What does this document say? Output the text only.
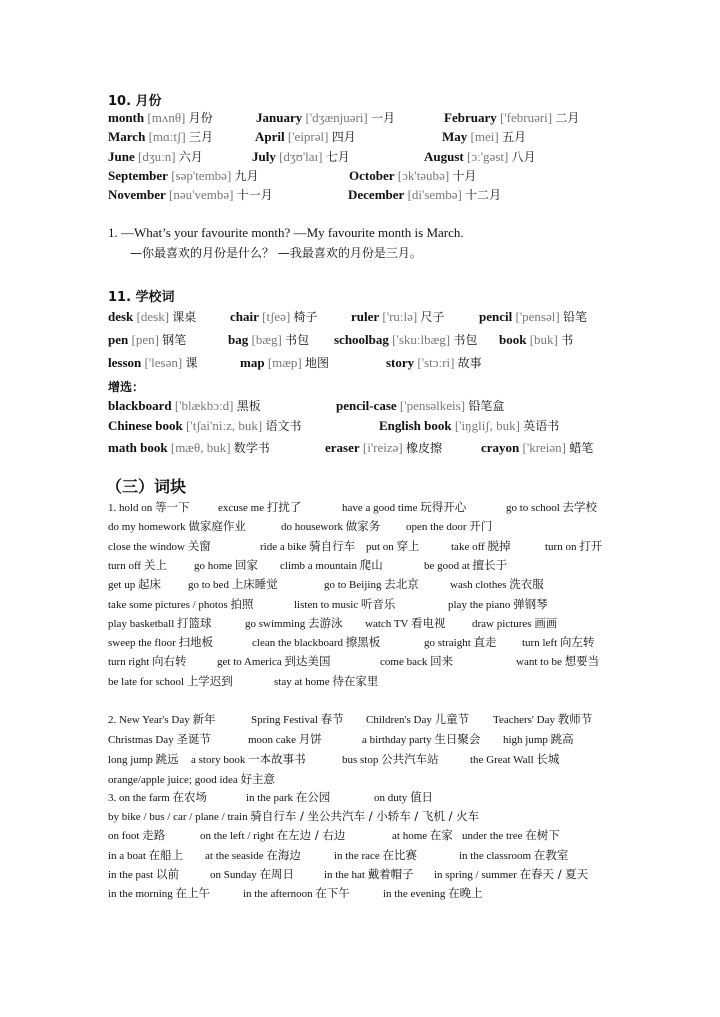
10. 月份
month [mʌnθ] 月份	January ['dʒænjuəri] 一月	February ['februəri] 二月
March [mɑːtʃ] 三月	April ['eiprəl] 四月	May [mei] 五月
June [dʒuːn] 六月	July [dʒʊ'laɪ] 七月	August [ɔː'gəst] 八月
September [səp'tembə] 九月	October [ɔk'təubə] 十月
November [nəu'vembə] 十一月	December [di'sembə] 十二月
1. —What’s your favourite month? —My favourite month is March.
—你最喜欢的月份是什么？ —我最喜欢的月份是三月。
11. 学校词
desk [desk] 课桌	chair [tʃeə] 椅子	ruler ['ruːlə] 尺子	pencil ['pensəl] 铅笔
pen [pen] 钢笔	bag [bæg] 书包 schoolbag ['skuːlbæg] 书包 book [buk] 书
lesson ['lesən] 课	map [mæp] 地图	story ['stɔːri] 故事
增选：
blackboard ['blækbɔːd] 黑板	pencil-case ['pensəlkeis] 铅笔盒
Chinese book ['tʃai'niːz, buk] 语文书	English book ['iŋgliʃ, buk] 英语书
math book [mæθ, buk] 数学书	eraser [i'reizə] 橡皮擦	crayon ['kreiən] 蜡笔
（三）词块
1. hold on 等一下	excuse me 打扰了	have a good time 玩得开心	go to school 去学校
do my homework 做家庭作业	do housework 做家务 open the door 开门
close the window 关窗	ride a bike 骑自行车 put on 穿上	take off 脱掉	turn on 打开
turn off 关上 go home 回家 climb a mountain 爬山	be good at 擅长于
get up 起床 go to bed 上床睡觉	go to Beijing 去北京	wash clothes 洗衣服
take some pictures / photos 拍照	listen to music 听音乐	play the piano 弹钢琴
play basketball 打篮球	go swimming 去游泳 watch TV 看电视 draw pictures 画画
sweep the floor 扫地板	clean the blackboard 擦黑板	go straight 直走 turn left 向左转
turn right 向右转	get to America 到达美国	come back 回来	want to be 想要当
be late for school 上学迟到	stay at home 待在家里
2. New Year's Day 新年	Spring Festival 春节 Children's Day 儿童节 Teachers' Day 教师节
Christmas Day 圣诞节	moon cake 月饼	a birthday party 生日聚会 high jump 跳高
long jump 跳远 a story book 一本故事书	bus stop 公共汽车站	the Great Wall 长城
orange/apple juice; good idea 好主意
3. on the farm 在农场	in the park 在公园	on duty 值日
by bike / bus / car / plane / train 骑自行车 / 坐公共汽车 / 小轿车 / 飞机 / 火车
on foot 走路	on the left / right 在左边 / 右边	at home 在家 under the tree 在树下
in a boat 在船上 at the seaside 在海边	in the race 在比赛	in the classroom 在教室
in the past 以前	on Sunday 在周日	in the hat 戴着帽子 in spring / summer 在春天 / 夏天
in the morning 在上午	in the afternoon 在下午	in the evening 在晚上
